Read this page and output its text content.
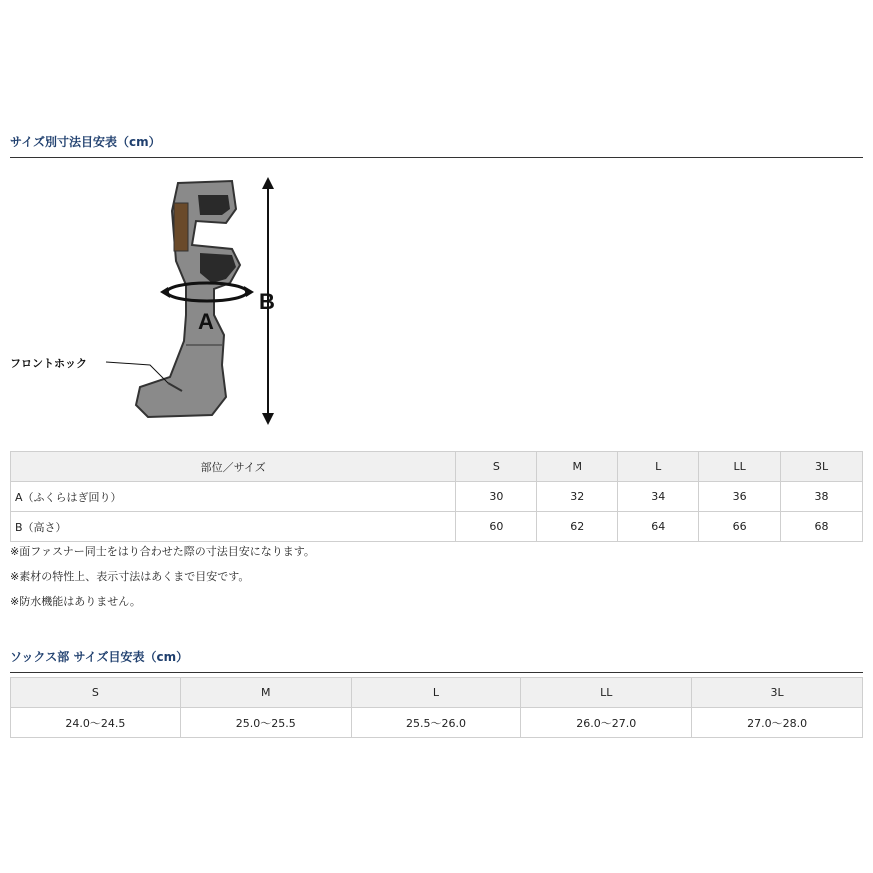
サイズ別寸法目安表（cm）
A
B
フロントホック
部位／サイズ	S	M	L	LL	3L
A（ふくらはぎ回り）	30	32	34	36	38
B（高さ）	60	62	64	66	68
※面ファスナー同士をはり合わせた際の寸法目安になります。
※素材の特性上、表示寸法はあくまで目安です。
※防水機能はありません。
ソックス部 サイズ目安表（cm）
S	M	L	LL	3L
24.0～24.5	25.0～25.5	25.5～26.0	26.0～27.0	27.0～28.0
